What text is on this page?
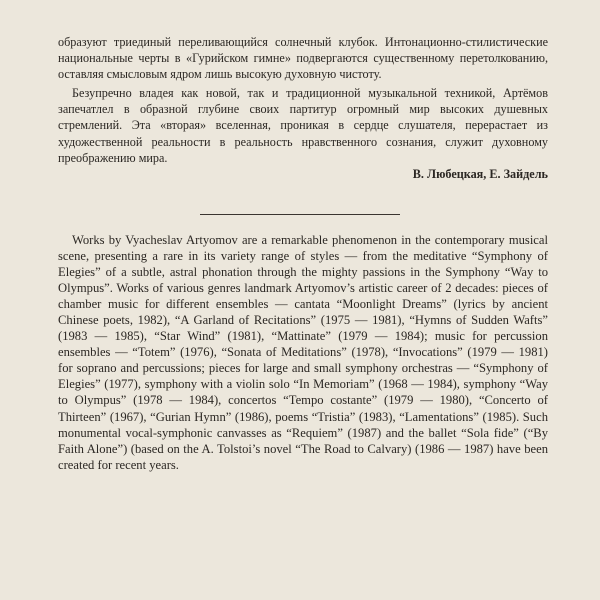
образуют триединый переливающийся солнечный клубок. Интонационно-стилистические национальные черты в «Гурийском гимне» подвергаются существенному перетолкованию, оставляя смысловым ядром лишь высокую духовную чистоту.

Безупречно владея как новой, так и традиционной музыкальной техникой, Артёмов запечатлел в образной глубине своих партитур огромный мир высоких душевных стремлений. Эта «вторая» вселенная, проникая в сердце слушателя, перерастает из художественной реальности в реальность нравственного сознания, служит духовному преображению мира.

В. Любецкая, Е. Зайдель

Works by Vyacheslav Artyomov are a remarkable phenomenon in the contemporary musical scene, presenting a rare in its variety range of styles — from the meditative “Symphony of Elegies” of a subtle, astral phonation through the mighty passions in the Symphony “Way to Olympus”. Works of various genres landmark Artyomov’s artistic career of 2 decades: pieces of chamber music for different ensembles — cantata “Moonlight Dreams” (lyrics by ancient Chinese poets, 1982), “A Garland of Recitations” (1975 — 1981), “Hymns of Sudden Wafts” (1983 — 1985), “Star Wind” (1981), “Mattinate” (1979 — 1984); music for percussion ensembles — “Totem” (1976), “Sonata of Meditations” (1978), “Invocations” (1979 — 1981) for soprano and percussions; pieces for large and small symphony orchestras — “Symphony of Elegies” (1977), symphony with a violin solo “In Memoriam” (1968 — 1984), symphony “Way to Olympus” (1978 — 1984), concertos “Tempo costante” (1979 — 1980), “Concerto of Thirteen” (1967), “Gurian Hymn” (1986), poems “Tristia” (1983), “Lamentations” (1985). Such monumental vocal-symphonic canvasses as “Requiem” (1987) and the ballet “Sola fide” (“By Faith Alone”) (based on the A. Tolstoi’s novel “The Road to Calvary) (1986 — 1987) have been created for recent years.
